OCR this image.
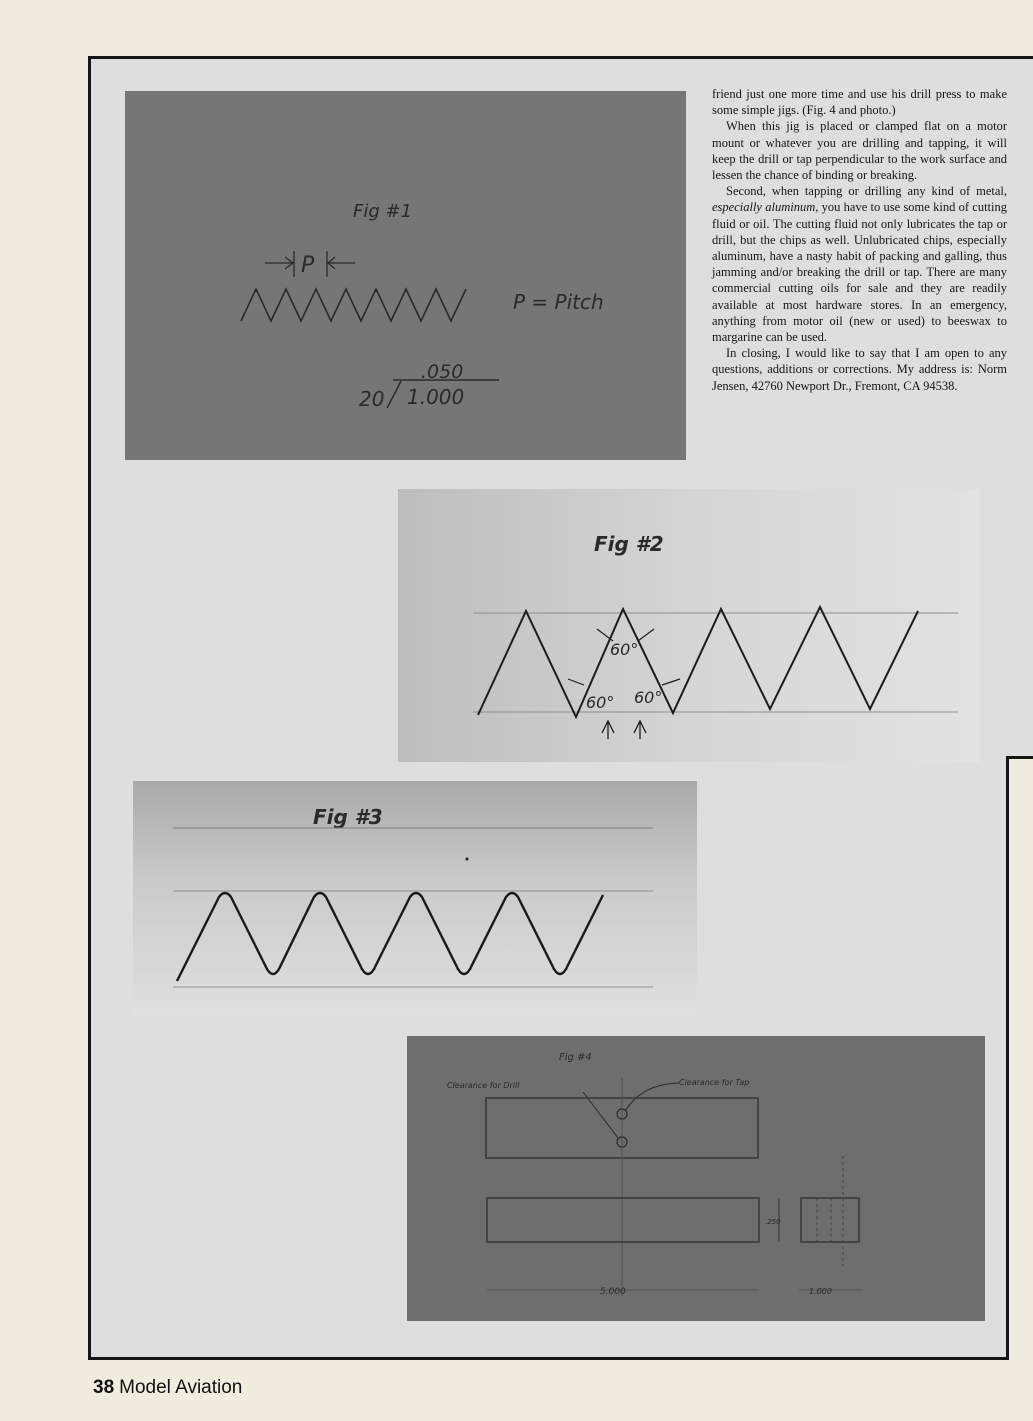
Fig #1
P
P = Pitch
.050
20 1.000
Fig #2
60°
60° 60°
Fig #3
Fig #4
Clearance for Drill	Clearance for Tap
.250
5.000	1.000

friend just one more time and use his drill press to make some simple jigs. (Fig. 4 and photo.)

When this jig is placed or clamped flat on a motor mount or whatever you are drilling and tapping, it will keep the drill or tap perpendicular to the work surface and lessen the chance of binding or breaking.

Second, when tapping or drilling any kind of metal, especially aluminum, you have to use some kind of cutting fluid or oil. The cutting fluid not only lubricates the tap or drill, but the chips as well. Unlubricated chips, especially aluminum, have a nasty habit of packing and galling, thus jamming and/or breaking the drill or tap. There are many commercial cutting oils for sale and they are readily available at most hardware stores. In an emergency, anything from motor oil (new or used) to beeswax to margarine can be used.

In closing, I would like to say that I am open to any questions, additions or corrections. My address is: Norm Jensen, 42760 Newport Dr., Fremont, CA 94538.

38 Model Aviation
